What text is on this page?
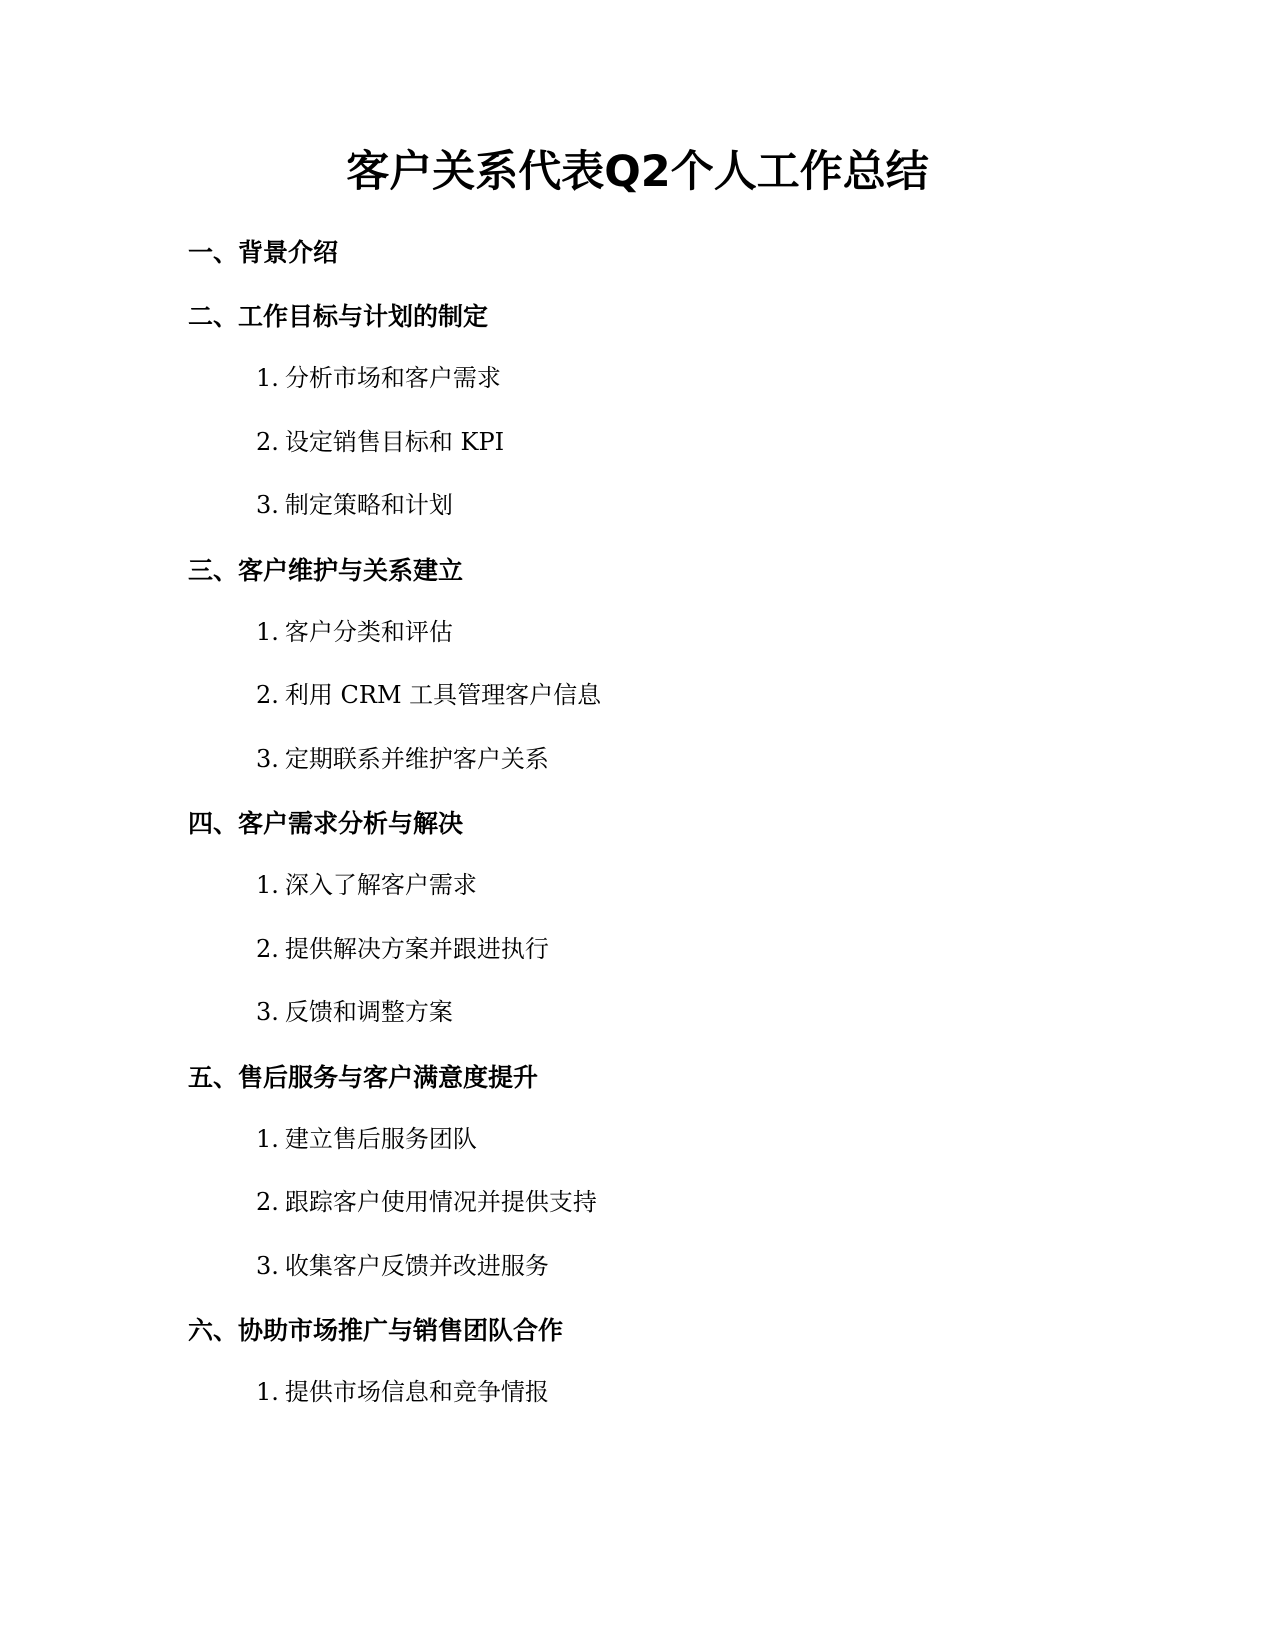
客户关系代表Q2个人工作总结
一、背景介绍
二、工作目标与计划的制定

1. 分析市场和客户需求

2. 设定销售目标和 KPI

3. 制定策略和计划

三、客户维护与关系建立

1. 客户分类和评估

2. 利用 CRM 工具管理客户信息

3. 定期联系并维护客户关系

四、客户需求分析与解决

1. 深入了解客户需求

2. 提供解决方案并跟进执行

3. 反馈和调整方案

五、售后服务与客户满意度提升

1. 建立售后服务团队

2. 跟踪客户使用情况并提供支持

3. 收集客户反馈并改进服务

六、协助市场推广与销售团队合作

1. 提供市场信息和竞争情报
